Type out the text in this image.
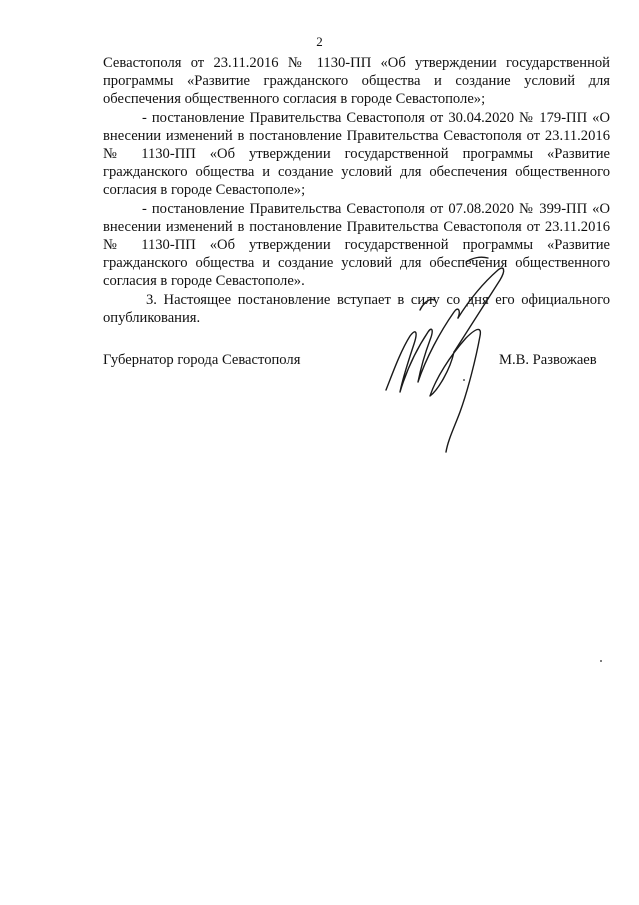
2

Севастополя от 23.11.2016 № 1130-ПП «Об утверждении государственной программы «Развитие гражданского общества и создание условий для обеспечения общественного согласия в городе Севастополе»;

- постановление Правительства Севастополя от 30.04.2020 № 179-ПП «О внесении изменений в постановление Правительства Севастополя от 23.11.2016 № 1130-ПП «Об утверждении государственной программы «Развитие гражданского общества и создание условий для обеспечения общественного согласия в городе Севастополе»;

- постановление Правительства Севастополя от 07.08.2020 № 399-ПП «О внесении изменений в постановление Правительства Севастополя от 23.11.2016 № 1130-ПП «Об утверждении государственной программы «Развитие гражданского общества и создание условий для обеспечения общественного согласия в городе Севастополе».

3. Настоящее постановление вступает в силу со дня его официального опубликования.

Губернатор города Севастополя	М.В. Развожаев
